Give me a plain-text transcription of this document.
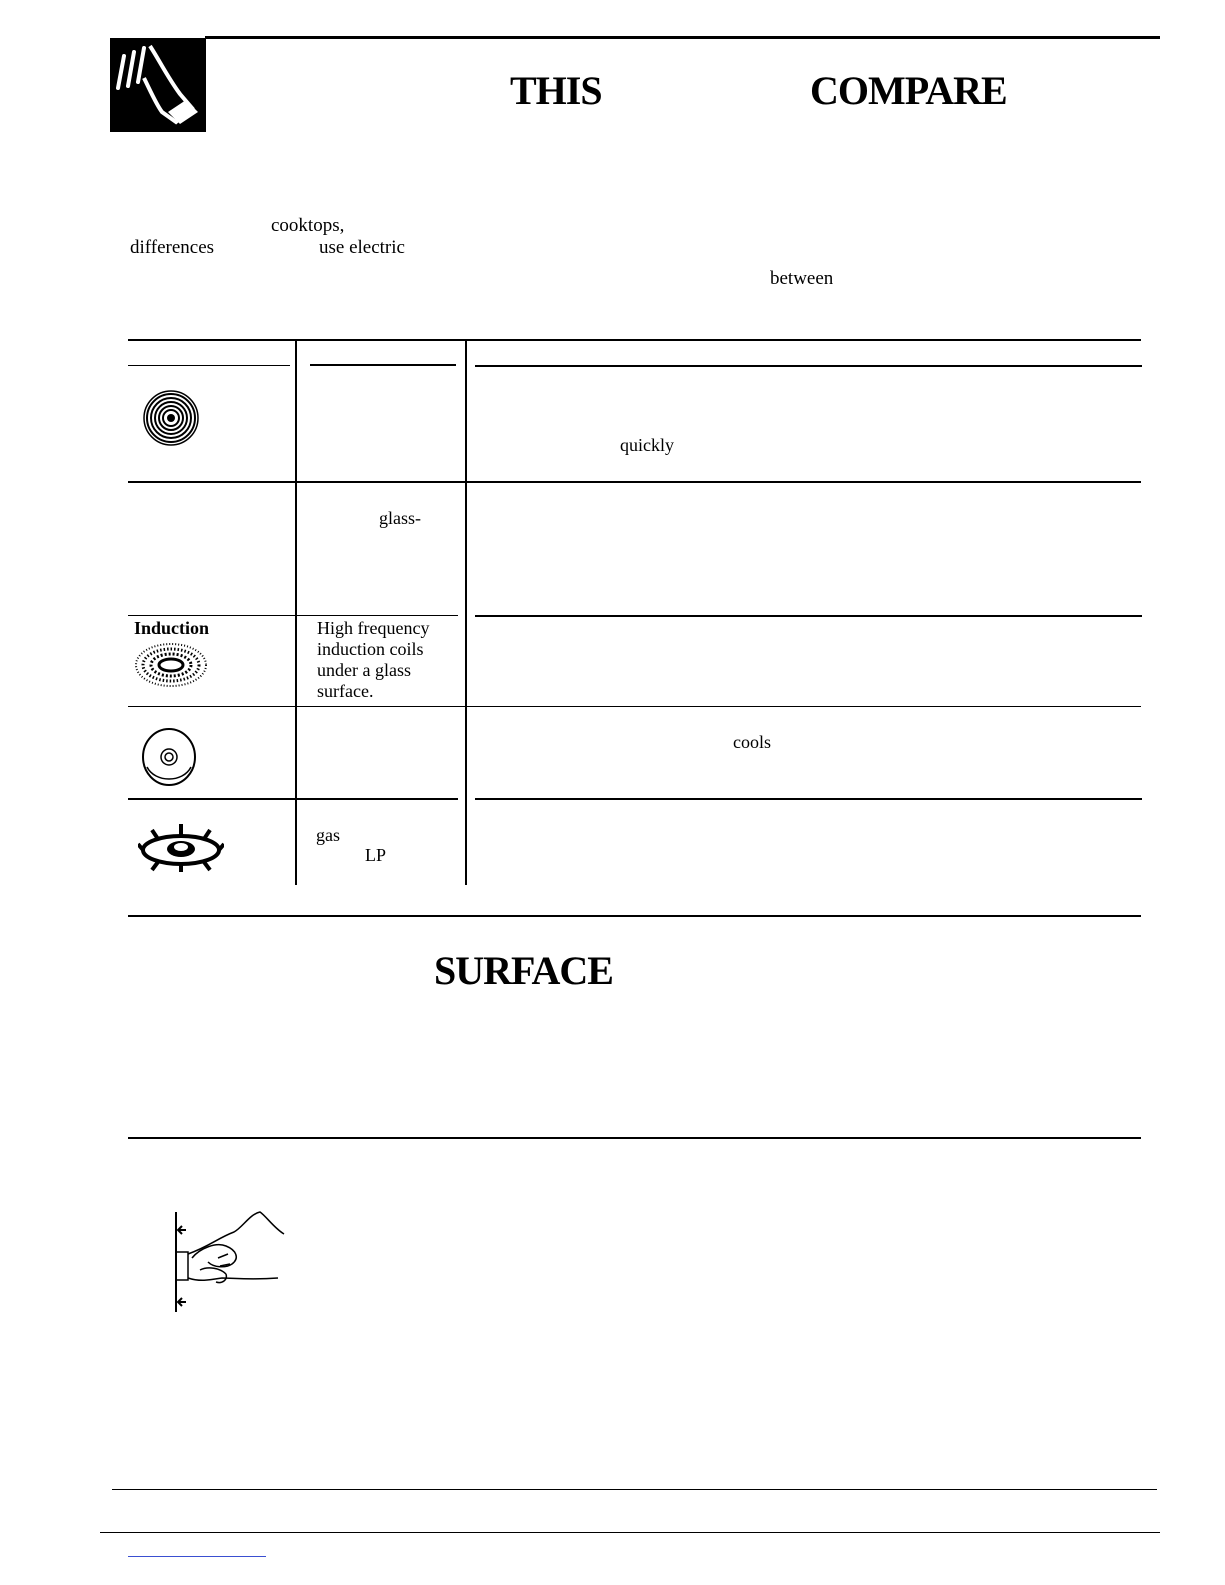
THIS	COMPARE
cooktops,
differences	use electric
between
quickly
glass-
Induction	High frequency
induction coils
under a glass
surface.
cools
gas
LP
SURFACE
